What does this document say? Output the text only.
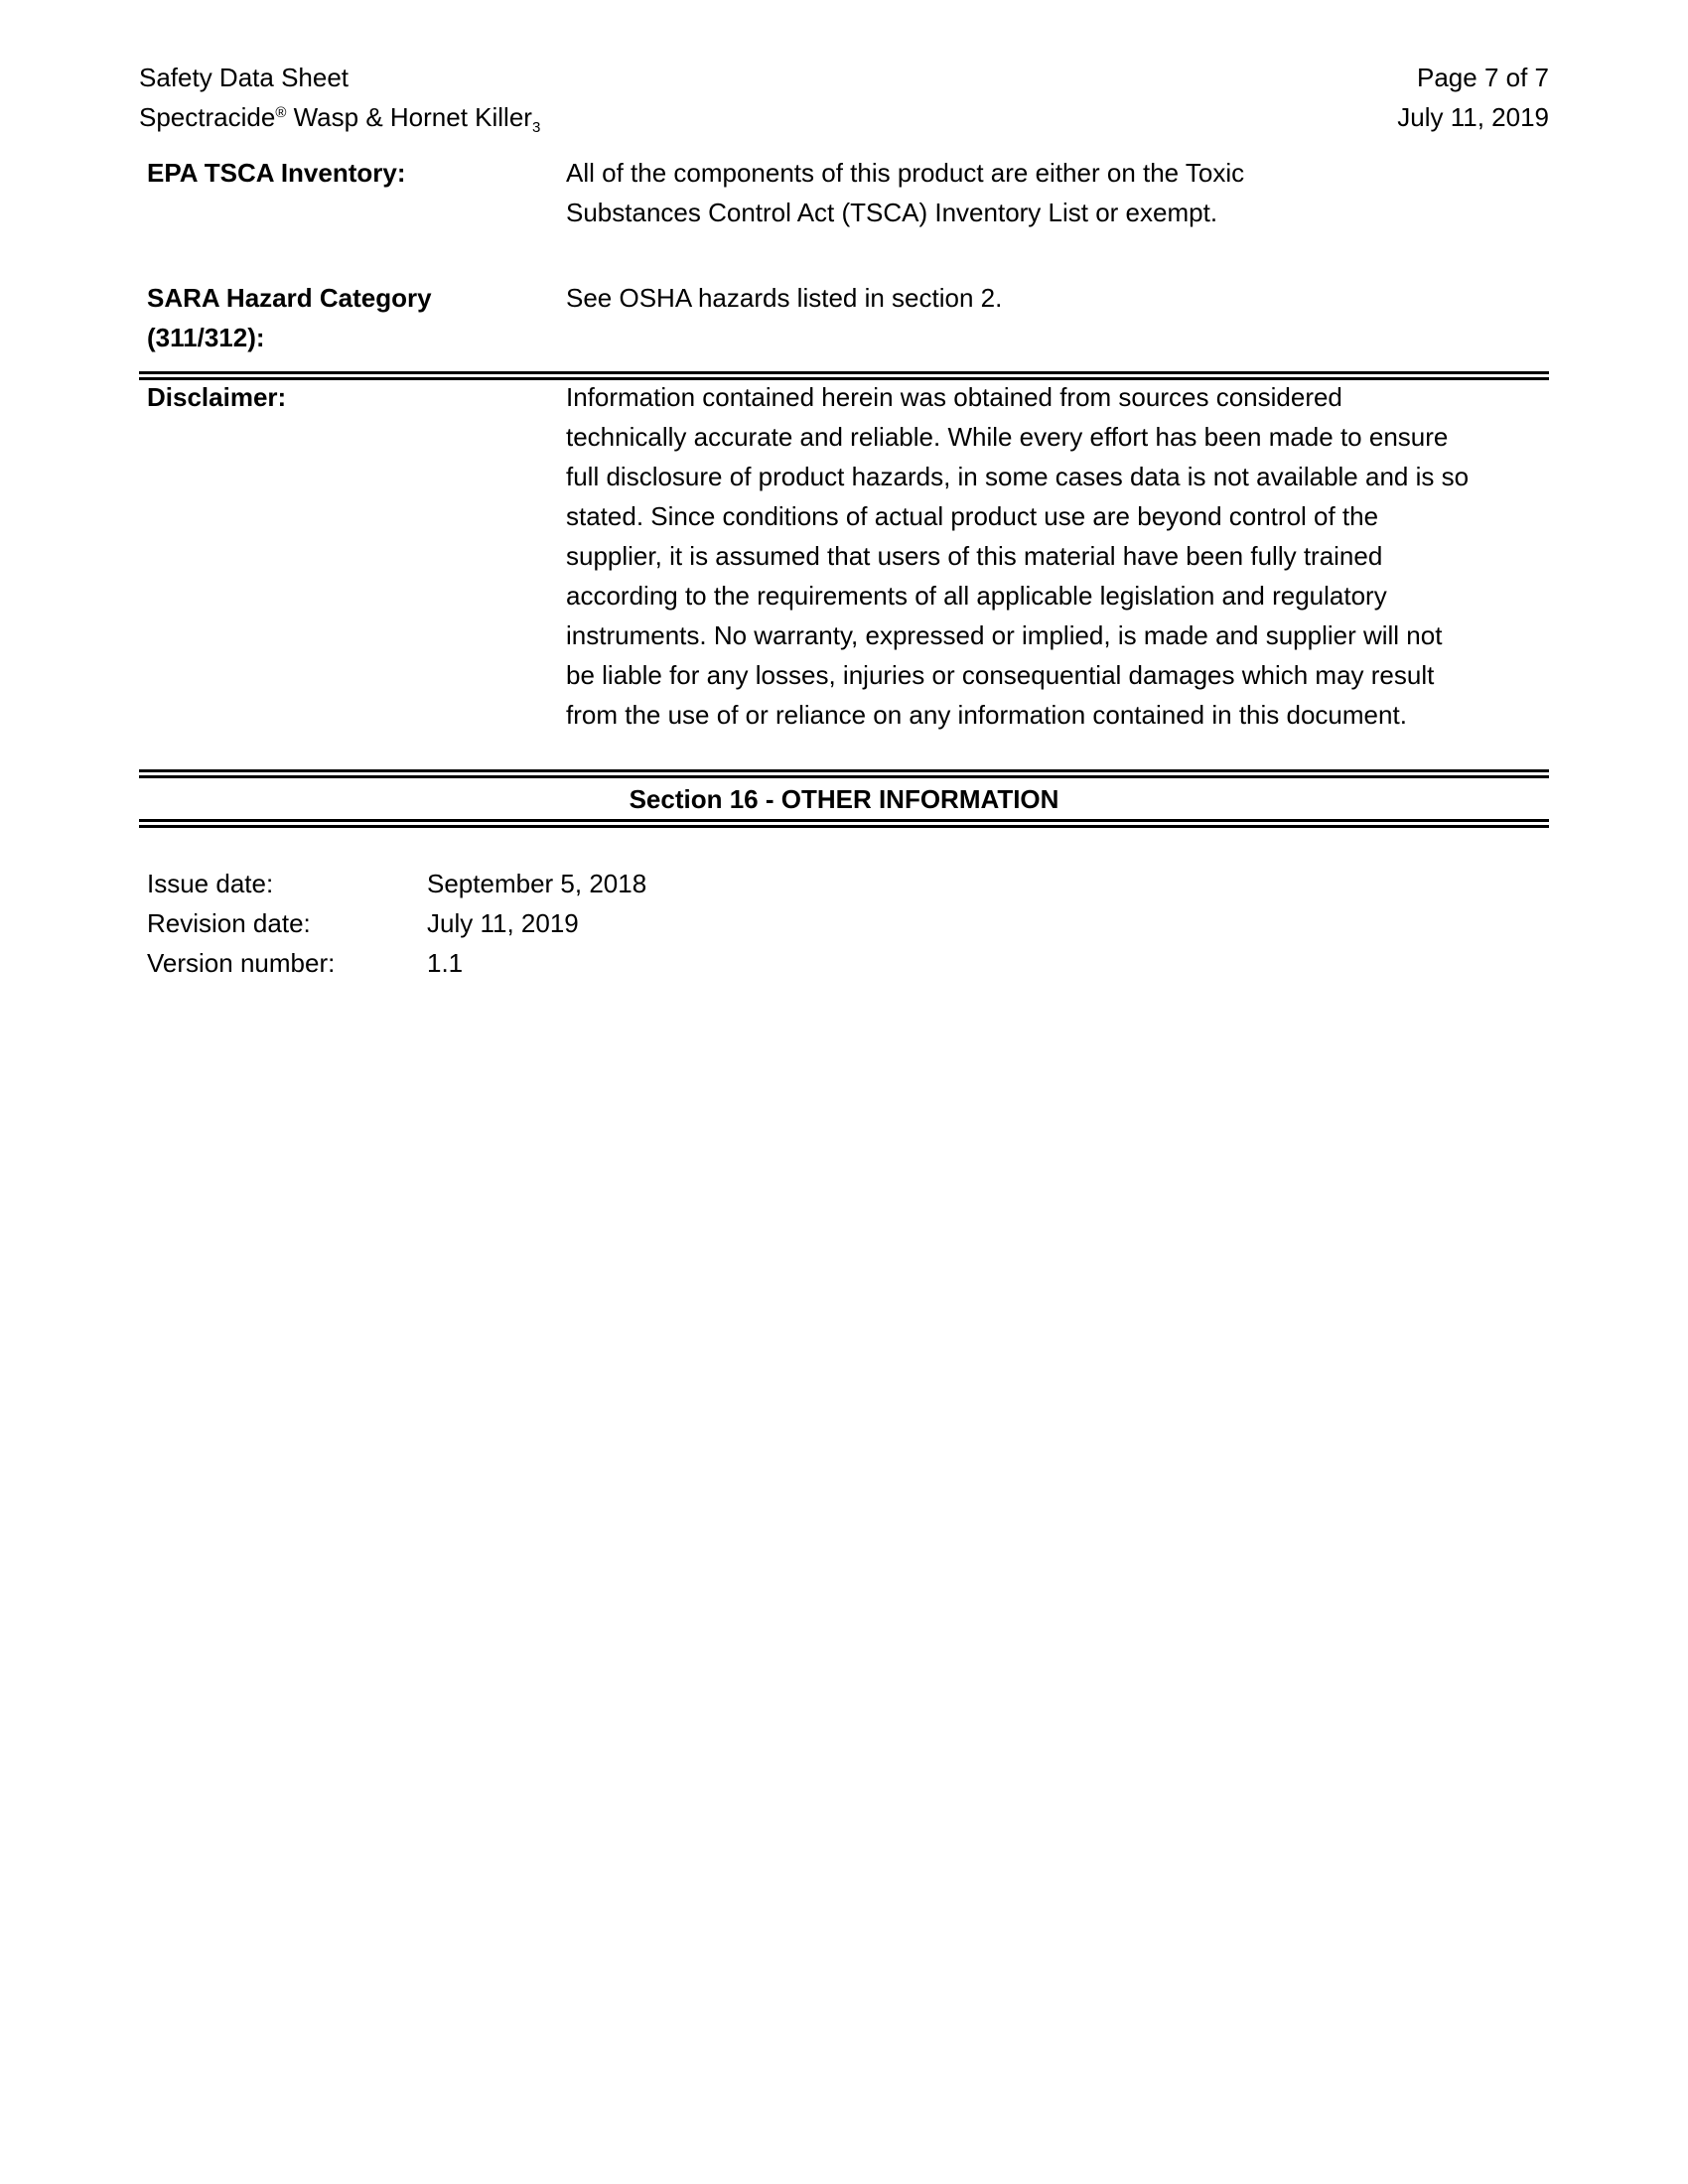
Safety Data Sheet
Spectracide® Wasp & Hornet Killer$_3$
Page 7 of 7
July 11, 2019
EPA TSCA Inventory:	All of the components of this product are either on the Toxic
Substances Control Act (TSCA) Inventory List or exempt.
SARA Hazard Category
(311/312):
See OSHA hazards listed in section 2.
Disclaimer:	Information contained herein was obtained from sources considered
technically accurate and reliable. While every effort has been made to ensure
full disclosure of product hazards, in some cases data is not available and is so
stated. Since conditions of actual product use are beyond control of the
supplier, it is assumed that users of this material have been fully trained
according to the requirements of all applicable legislation and regulatory
instruments. No warranty, expressed or implied, is made and supplier will not
be liable for any losses, injuries or consequential damages which may result
from the use of or reliance on any information contained in this document.
Section 16 - OTHER INFORMATION
Issue date:	September 5, 2018
Revision date:	July 11, 2019
Version number:	1.1
